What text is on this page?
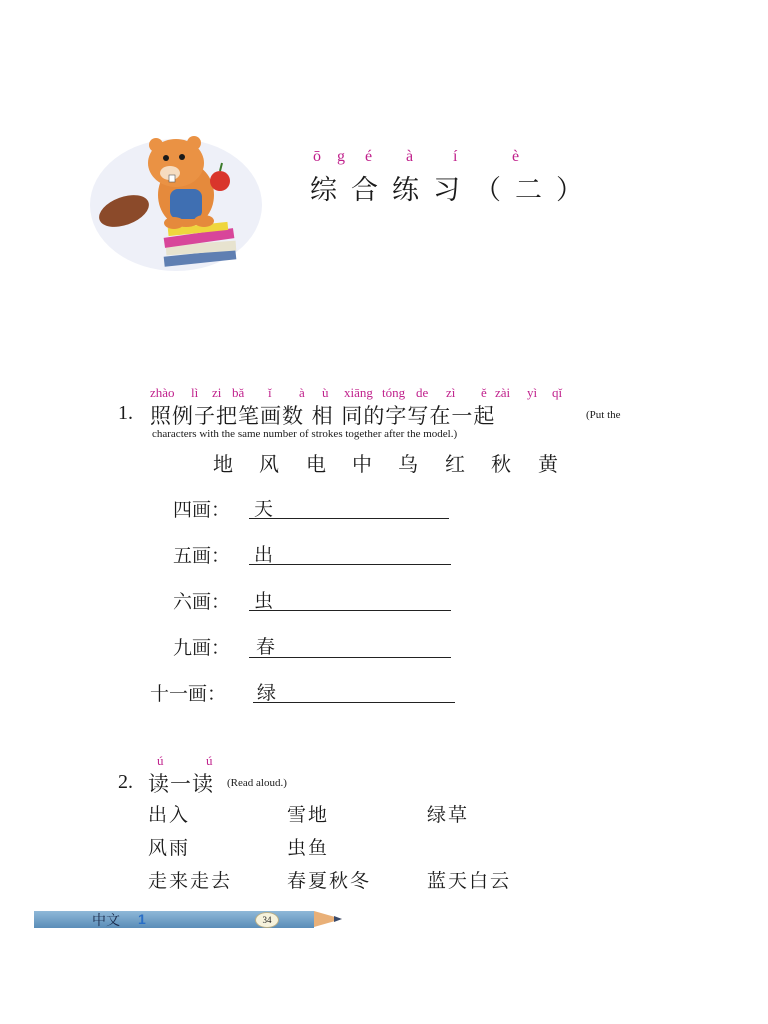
ō g é à í	è
综合练习（二）
zhào lì zi bǎ ǐ à ù xiāng tóng de zì ě zài yì qǐ
1. 照例子把笔画数 相 同的字写在一起	(Put the
characters with the same number of strokes together after the model.)
地 风 电 中 乌 红 秋 黄
四画： 天
五画： 出
六画： 虫
九画： 春
十一画： 绿
ú	ú
2. 读一读 (Read aloud.)
出入	雪地	绿草
风雨	虫鱼
走来走去	春夏秋冬	蓝天白云
中文 1	34
